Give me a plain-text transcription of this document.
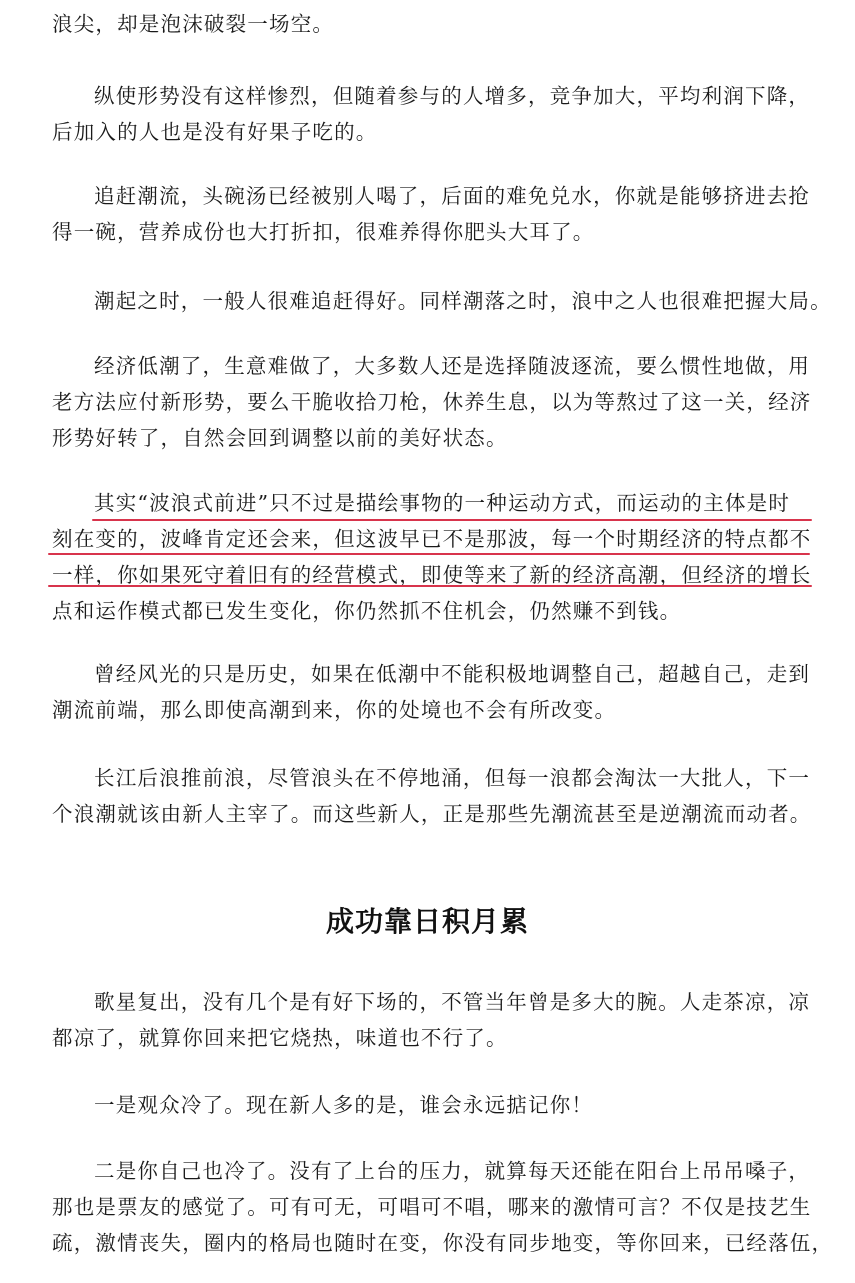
浪尖，却是泡沫破裂一场空。

纵使形势没有这样惨烈，但随着参与的人增多，竞争加大，平均利润下降，
后加入的人也是没有好果子吃的。

追赶潮流，头碗汤已经被别人喝了，后面的难免兑水，你就是能够挤进去抢
得一碗，营养成份也大打折扣，很难养得你肥头大耳了。

潮起之时，一般人很难追赶得好。同样潮落之时，浪中之人也很难把握大局。

经济低潮了，生意难做了，大多数人还是选择随波逐流，要么惯性地做，用
老方法应付新形势，要么干脆收拾刀枪，休养生息，以为等熬过了这一关，经济
形势好转了，自然会回到调整以前的美好状态。

其实“波浪式前进”只不过是描绘事物的一种运动方式，而运动的主体是时
刻在变的，波峰肯定还会来，但这波早已不是那波，每一个时期经济的特点都不
一样，你如果死守着旧有的经营模式，即使等来了新的经济高潮，但经济的增长
点和运作模式都已发生变化，你仍然抓不住机会，仍然赚不到钱。

曾经风光的只是历史，如果在低潮中不能积极地调整自己，超越自己，走到
潮流前端，那么即使高潮到来，你的处境也不会有所改变。

长江后浪推前浪，尽管浪头在不停地涌，但每一浪都会淘汰一大批人，下一
个浪潮就该由新人主宰了。而这些新人，正是那些先潮流甚至是逆潮流而动者。

成功靠日积月累

歌星复出，没有几个是有好下场的，不管当年曾是多大的腕。人走茶凉，凉
都凉了，就算你回来把它烧热，味道也不行了。

一是观众冷了。现在新人多的是，谁会永远掂记你！

二是你自己也冷了。没有了上台的压力，就算每天还能在阳台上吊吊嗓子，
那也是票友的感觉了。可有可无，可唱可不唱，哪来的激情可言？不仅是技艺生
疏，激情丧失，圈内的格局也随时在变，你没有同步地变，等你回来，已经落伍，
